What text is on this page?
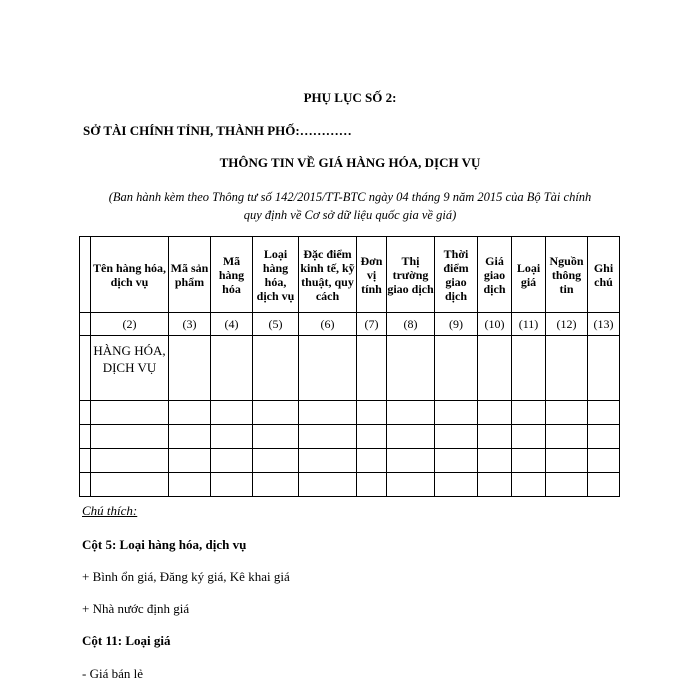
PHỤ LỤC SỐ 2:
SỞ TÀI CHÍNH TỈNH, THÀNH PHỐ:…………
THÔNG TIN VỀ GIÁ HÀNG HÓA, DỊCH VỤ
(Ban hành kèm theo Thông tư số 142/2015/TT-BTC ngày 04 tháng 9 năm 2015 của Bộ Tài chính
quy định về Cơ sở dữ liệu quốc gia về giá)
	Tên hàng hóa, dịch vụ	Mã sản phẩm	Mã hàng hóa	Loại hàng hóa, dịch vụ	Đặc điểm kinh tế, kỹ thuật, quy cách	Đơn vị tính	Thị trường giao dịch	Thời điểm giao dịch	Giá giao dịch	Loại giá	Nguồn thông tin	Ghi chú
	(2)	(3)	(4)	(5)	(6)	(7)	(8)	(9)	(10)	(11)	(12)	(13)
	HÀNG HÓA, DỊCH VỤ											

Chú thích:
Cột 5: Loại hàng hóa, dịch vụ
+ Bình ổn giá, Đăng ký giá, Kê khai giá
+ Nhà nước định giá
Cột 11: Loại giá
- Giá bán lẻ
